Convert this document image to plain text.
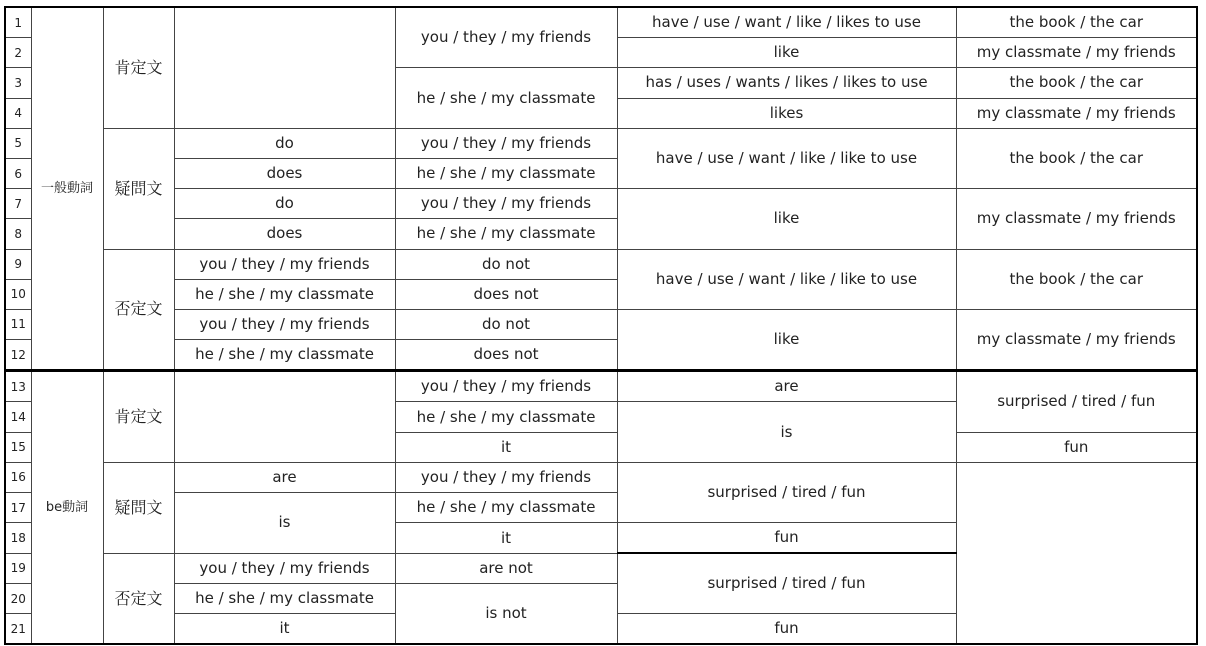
1	一般動詞	肯定文		you / they / my friends	have / use / want / like / likes to use	the book / the car
2					like	my classmate / my friends
3				he / she / my classmate	has / uses / wants / likes / likes to use	the book / the car
4					likes	my classmate / my friends
5		疑問文	do	you / they / my friends	have / use / want / like / like to use	the book / the car
6			does	he / she / my classmate		
7			do	you / they / my friends	like	my classmate / my friends
8			does	he / she / my classmate		
9		否定文	you / they / my friends	do not	have / use / want / like / like to use	the book / the car
10			he / she / my classmate	does not		
11			you / they / my friends	do not	like	my classmate / my friends
12			he / she / my classmate	does not		
13	be動詞	肯定文		you / they / my friends	are	surprised / tired / fun
14				he / she / my classmate	is	
15				it		fun
16		疑問文	are	you / they / my friends	surprised / tired / fun	
17			is	he / she / my classmate		
18				it	fun	
19		否定文	you / they / my friends	are not	surprised / tired / fun	
20			he / she / my classmate	is not		
21			it		fun	
